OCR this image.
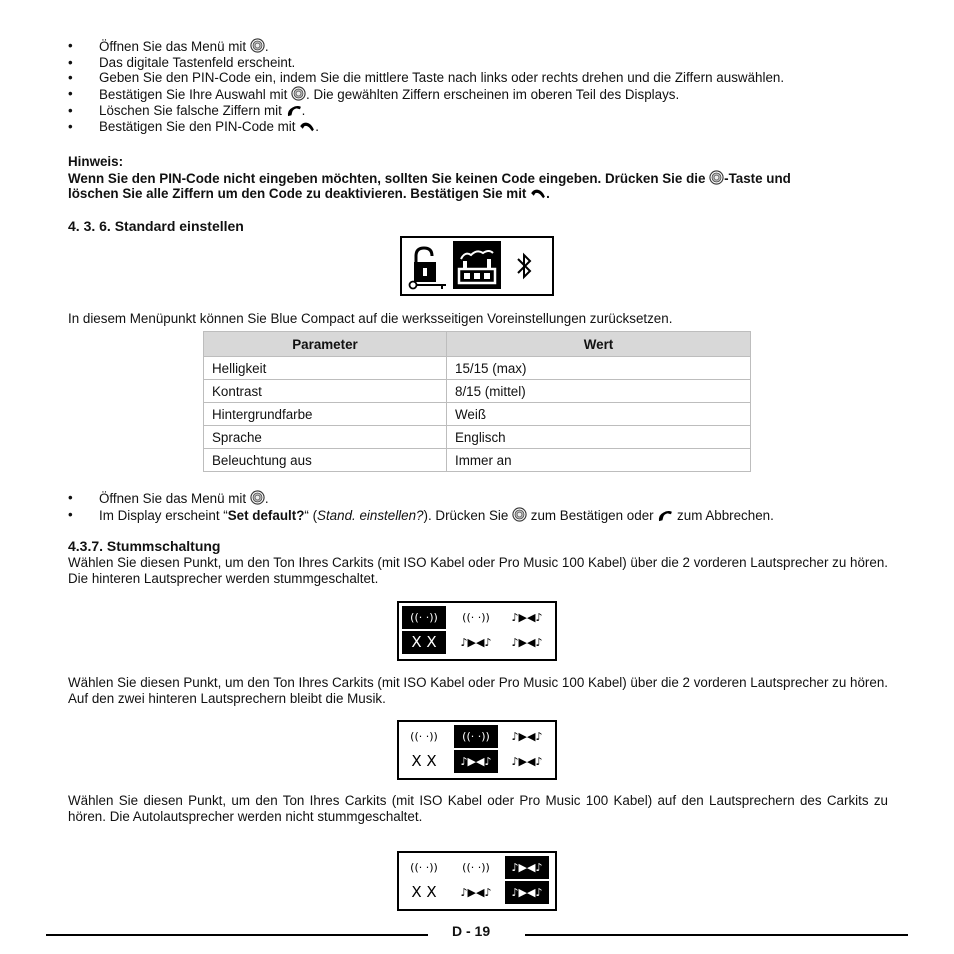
• Öffnen Sie das Menü mit .
• Das digitale Tastenfeld erscheint.
• Geben Sie den PIN-Code ein, indem Sie die mittlere Taste nach links oder rechts drehen und die Ziffern auswählen.
• Bestätigen Sie Ihre Auswahl mit . Die gewählten Ziffern erscheinen im oberen Teil des Displays.
• Löschen Sie falsche Ziffern mit .
• Bestätigen Sie den PIN-Code mit .
Hinweis:
Wenn Sie den PIN-Code nicht eingeben möchten, sollten Sie keinen Code eingeben. Drücken Sie die -Taste und
löschen Sie alle Ziffern um den Code zu deaktivieren. Bestätigen Sie mit .
4. 3. 6. Standard einstellen
In diesem Menüpunkt können Sie Blue Compact auf die werksseitigen Voreinstellungen zurücksetzen.
Parameter	Wert
Helligkeit	15/15 (max)
Kontrast	8/15 (mittel)
Hintergrundfarbe	Weiß
Sprache	Englisch
Beleuchtung aus	Immer an
• Öffnen Sie das Menü mit .
• Im Display erscheint “Set default?“ (Stand. einstellen?). Drücken Sie  zum Bestätigen oder  zum Abbrechen.
4.3.7. Stummschaltung
Wählen Sie diesen Punkt, um den Ton Ihres Carkits (mit ISO Kabel oder Pro Music 100 Kabel) über die 2 vorderen Lautsprecher zu hören. Die hinteren Lautsprecher werden stummgeschaltet.
((· ·))	((· ·))	♪▶◀♪
X X	♪▶◀♪	♪▶◀♪
Wählen Sie diesen Punkt, um den Ton Ihres Carkits (mit ISO Kabel oder Pro Music 100 Kabel) über die 2 vorderen Lautsprecher zu hören. Auf den zwei hinteren Lautsprechern bleibt die Musik.
((· ·))	((· ·))	♪▶◀♪
X X	♪▶◀♪	♪▶◀♪
Wählen Sie diesen Punkt, um den Ton Ihres Carkits (mit ISO Kabel oder Pro Music 100 Kabel) auf den Lautsprechern des Carkits zu hören. Die Autolautsprecher werden nicht stummgeschaltet.
((· ·))	((· ·))	♪▶◀♪
X X	♪▶◀♪	♪▶◀♪
D - 19
